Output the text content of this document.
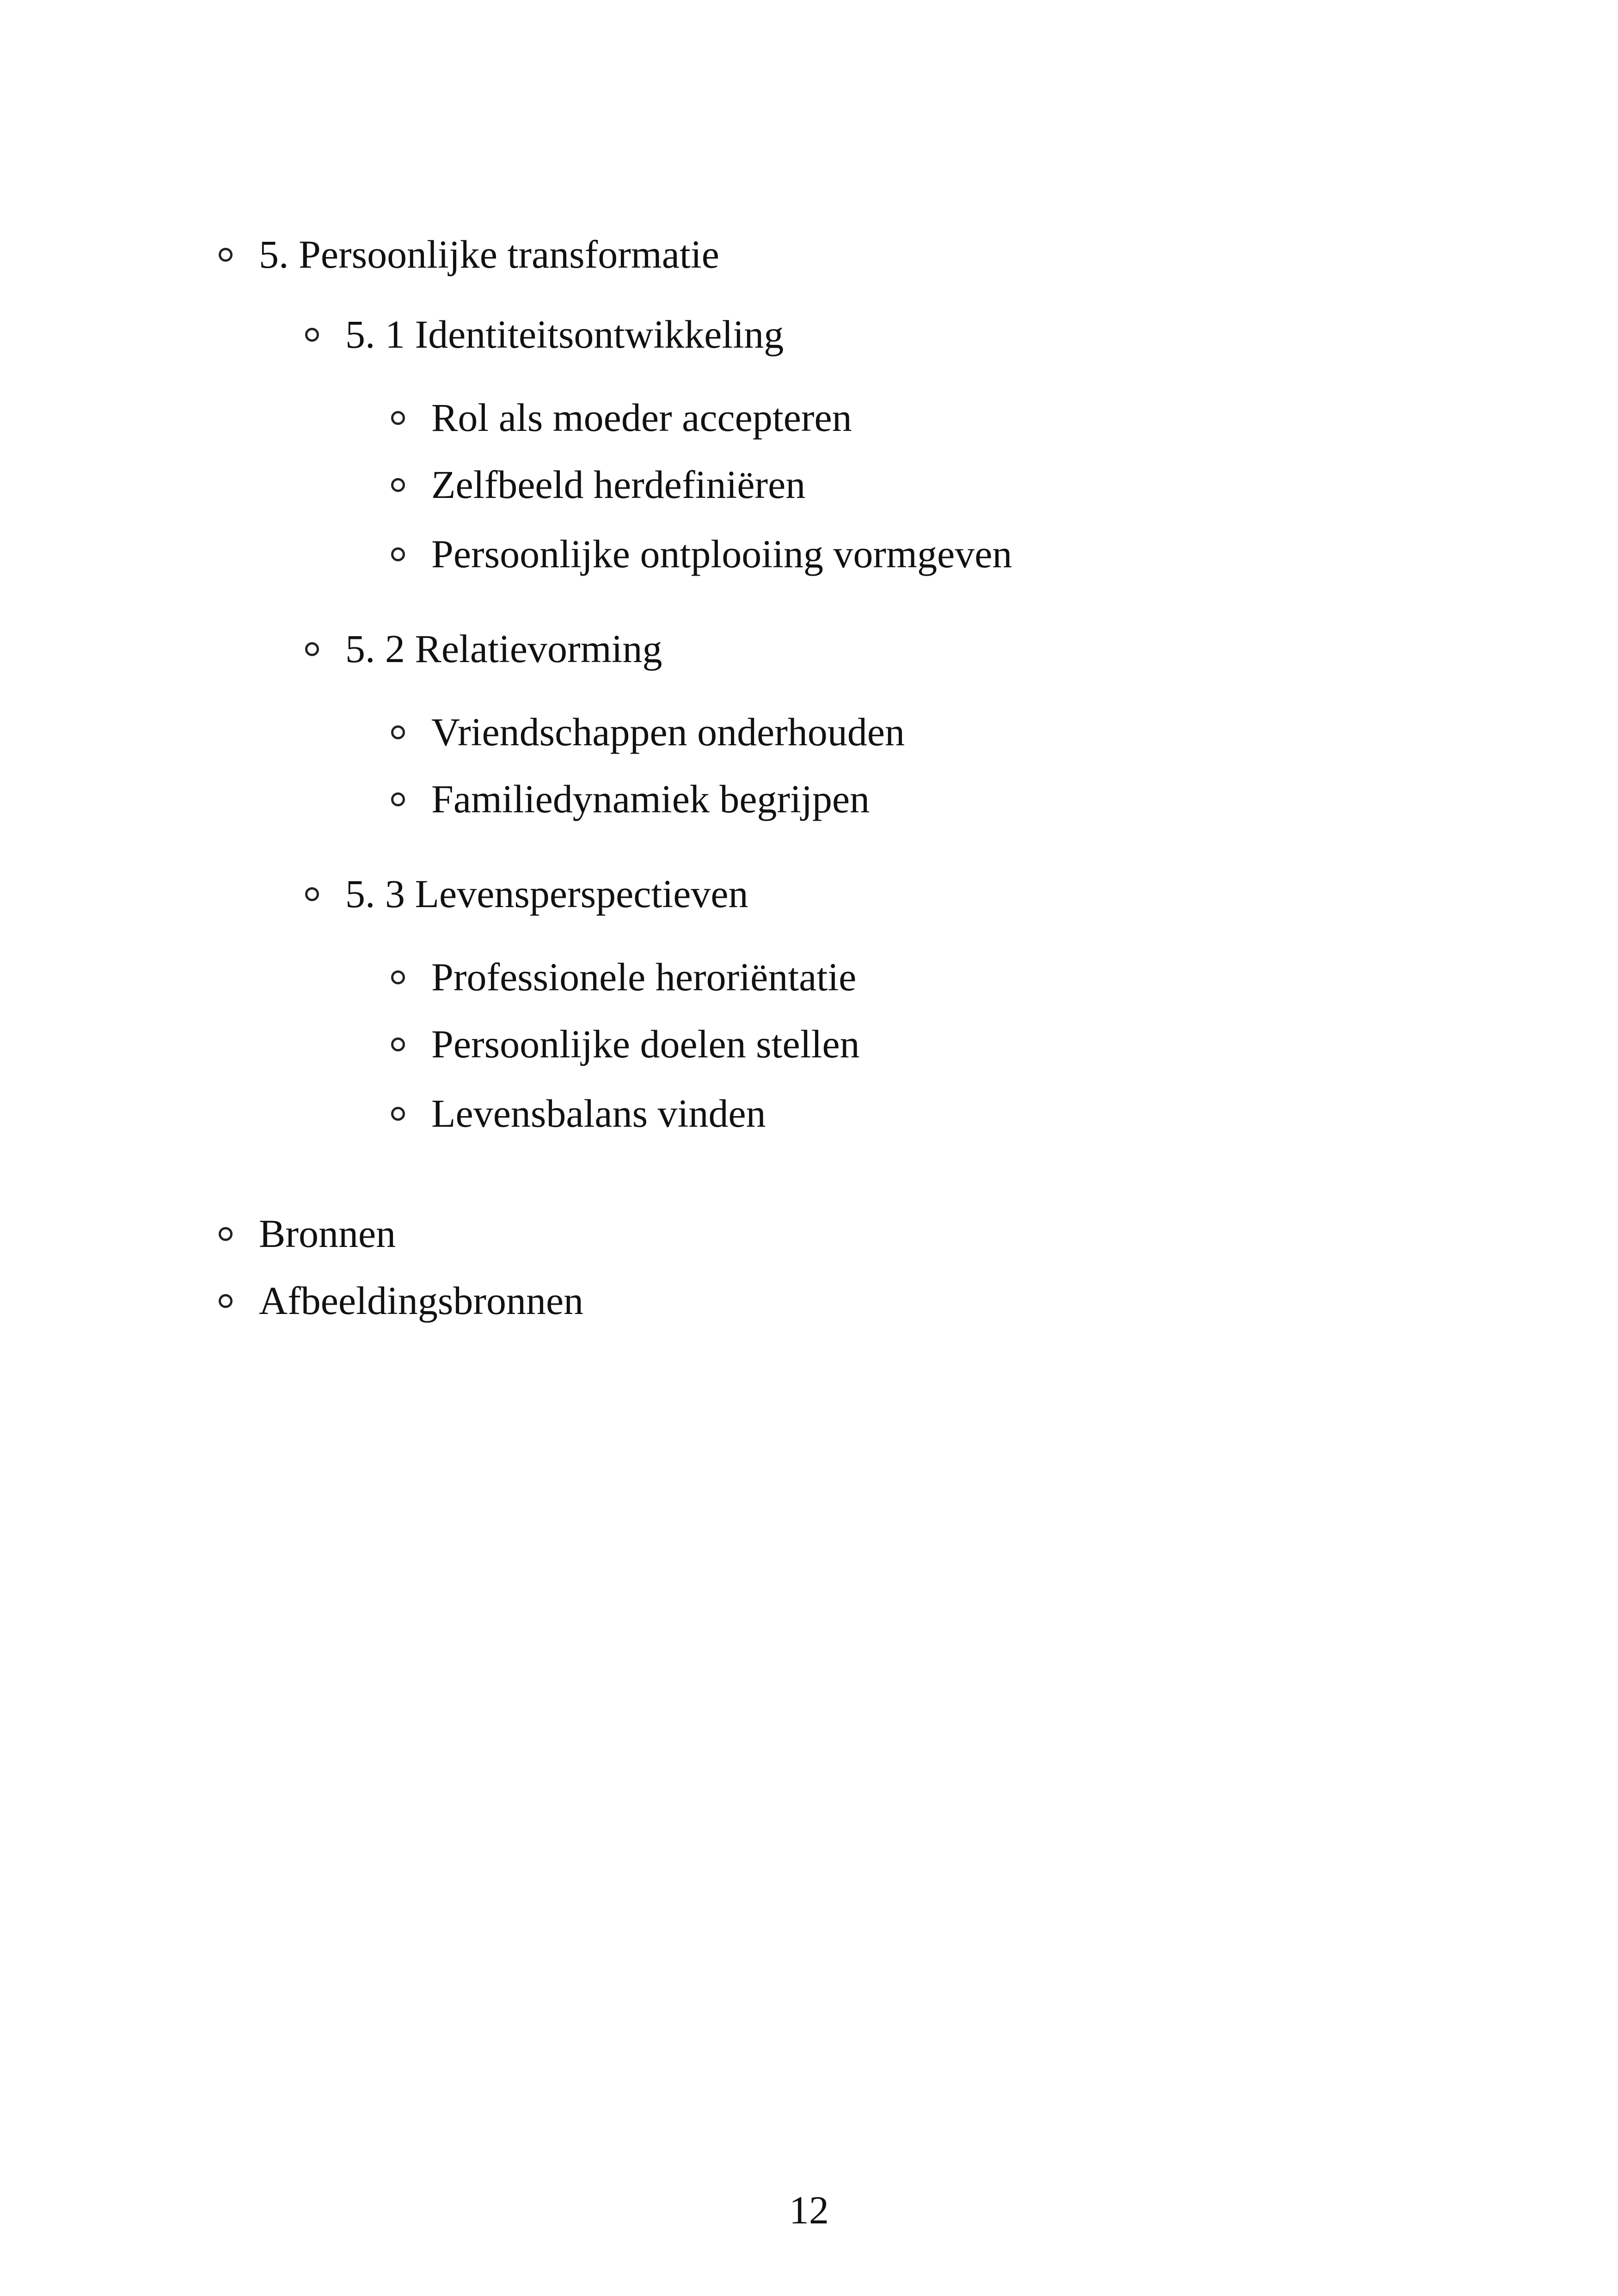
5. Persoonlijke transformatie
5. 1 Identiteitsontwikkeling
Rol als moeder accepteren
Zelfbeeld herdefiniëren
Persoonlijke ontplooiing vormgeven
5. 2 Relatievorming
Vriendschappen onderhouden
Familiedynamiek begrijpen
5. 3 Levensperspectieven
Professionele heroriëntatie
Persoonlijke doelen stellen
Levensbalans vinden
Bronnen
Afbeeldingsbronnen
12
